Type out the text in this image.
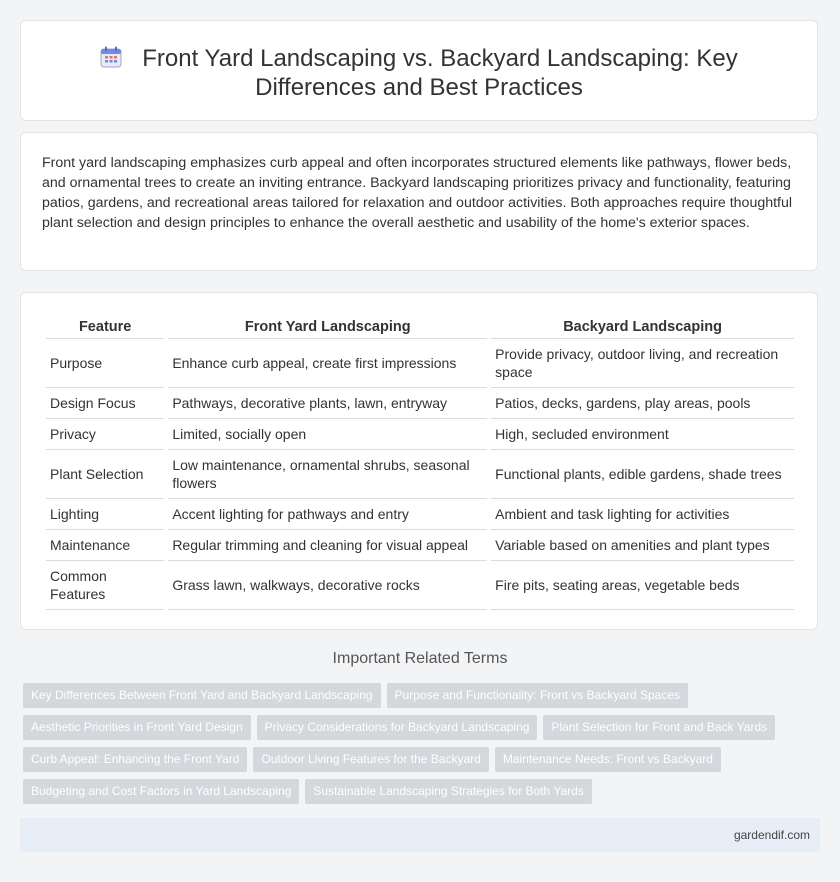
Front Yard Landscaping vs. Backyard Landscaping: Key
Differences and Best Practices

Front yard landscaping emphasizes curb appeal and often incorporates structured elements like pathways, flower beds, and ornamental trees to create an inviting entrance. Backyard landscaping prioritizes privacy and functionality, featuring patios, gardens, and recreational areas tailored for relaxation and outdoor activities. Both approaches require thoughtful plant selection and design principles to enhance the overall aesthetic and usability of the home's exterior spaces.

Feature	Front Yard Landscaping	Backyard Landscaping
Purpose	Enhance curb appeal, create first impressions	Provide privacy, outdoor living, and recreation space
Design Focus	Pathways, decorative plants, lawn, entryway	Patios, decks, gardens, play areas, pools
Privacy	Limited, socially open	High, secluded environment
Plant Selection	Low maintenance, ornamental shrubs, seasonal flowers	Functional plants, edible gardens, shade trees
Lighting	Accent lighting for pathways and entry	Ambient and task lighting for activities
Maintenance	Regular trimming and cleaning for visual appeal	Variable based on amenities and plant types
Common Features	Grass lawn, walkways, decorative rocks	Fire pits, seating areas, vegetable beds
Important Related Terms
Key Differences Between Front Yard and Backyard Landscaping Purpose and Functionality: Front vs Backyard Spaces
Aesthetic Priorities in Front Yard Design Privacy Considerations for Backyard Landscaping Plant Selection for Front and Back Yards
Curb Appeal: Enhancing the Front Yard Outdoor Living Features for the Backyard Maintenance Needs: Front vs Backyard
Budgeting and Cost Factors in Yard Landscaping Sustainable Landscaping Strategies for Both Yards
gardendif.com
